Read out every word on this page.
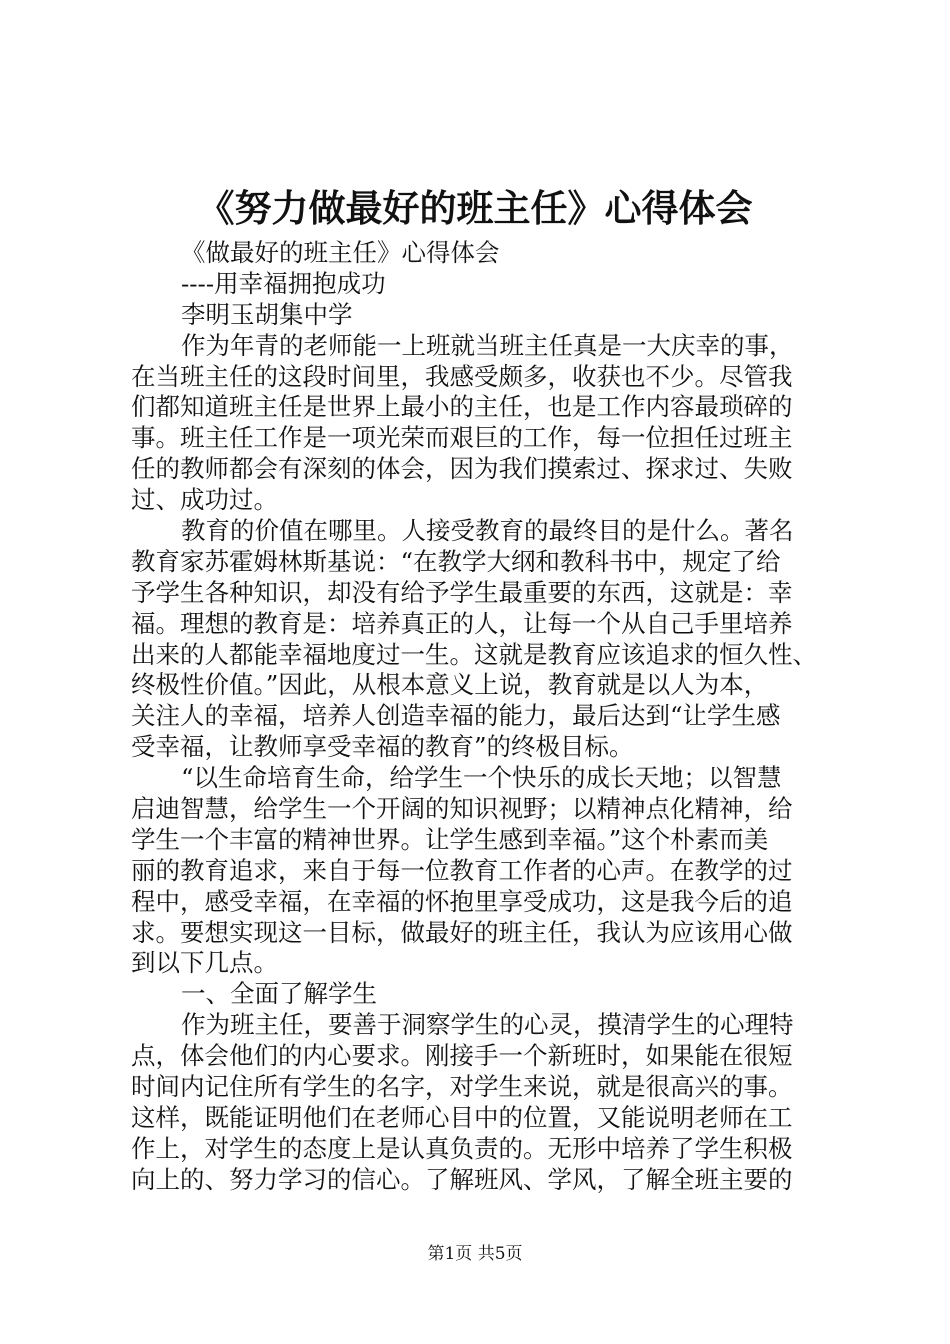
《努力做最好的班主任》心得体会
《做最好的班主任》心得体会
----用幸福拥抱成功
李明玉胡集中学
作为年青的老师能一上班就当班主任真是一大庆幸的事，
在当班主任的这段时间里，我感受颇多，收获也不少。尽管我
们都知道班主任是世界上最小的主任，也是工作内容最琐碎的
事。班主任工作是一项光荣而艰巨的工作，每一位担任过班主
任的教师都会有深刻的体会，因为我们摸索过、探求过、失败
过、成功过。
教育的价值在哪里。人接受教育的最终目的是什么。著名
教育家苏霍姆林斯基说：“在教学大纲和教科书中，规定了给
予学生各种知识，却没有给予学生最重要的东西，这就是：幸
福。理想的教育是：培养真正的人，让每一个从自己手里培养
出来的人都能幸福地度过一生。这就是教育应该追求的恒久性、
终极性价值。”因此，从根本意义上说，教育就是以人为本，
关注人的幸福，培养人创造幸福的能力，最后达到“让学生感
受幸福，让教师享受幸福的教育”的终极目标。
“以生命培育生命，给学生一个快乐的成长天地；以智慧
启迪智慧，给学生一个开阔的知识视野；以精神点化精神，给
学生一个丰富的精神世界。让学生感到幸福。”这个朴素而美
丽的教育追求，来自于每一位教育工作者的心声。在教学的过
程中，感受幸福，在幸福的怀抱里享受成功，这是我今后的追
求。要想实现这一目标，做最好的班主任，我认为应该用心做
到以下几点。
一、全面了解学生
作为班主任，要善于洞察学生的心灵，摸清学生的心理特
点，体会他们的内心要求。刚接手一个新班时，如果能在很短
时间内记住所有学生的名字，对学生来说，就是很高兴的事。
这样，既能证明他们在老师心目中的位置，又能说明老师在工
作上，对学生的态度上是认真负责的。无形中培养了学生积极
向上的、努力学习的信心。了解班风、学风，了解全班主要的
第1页 共5页
